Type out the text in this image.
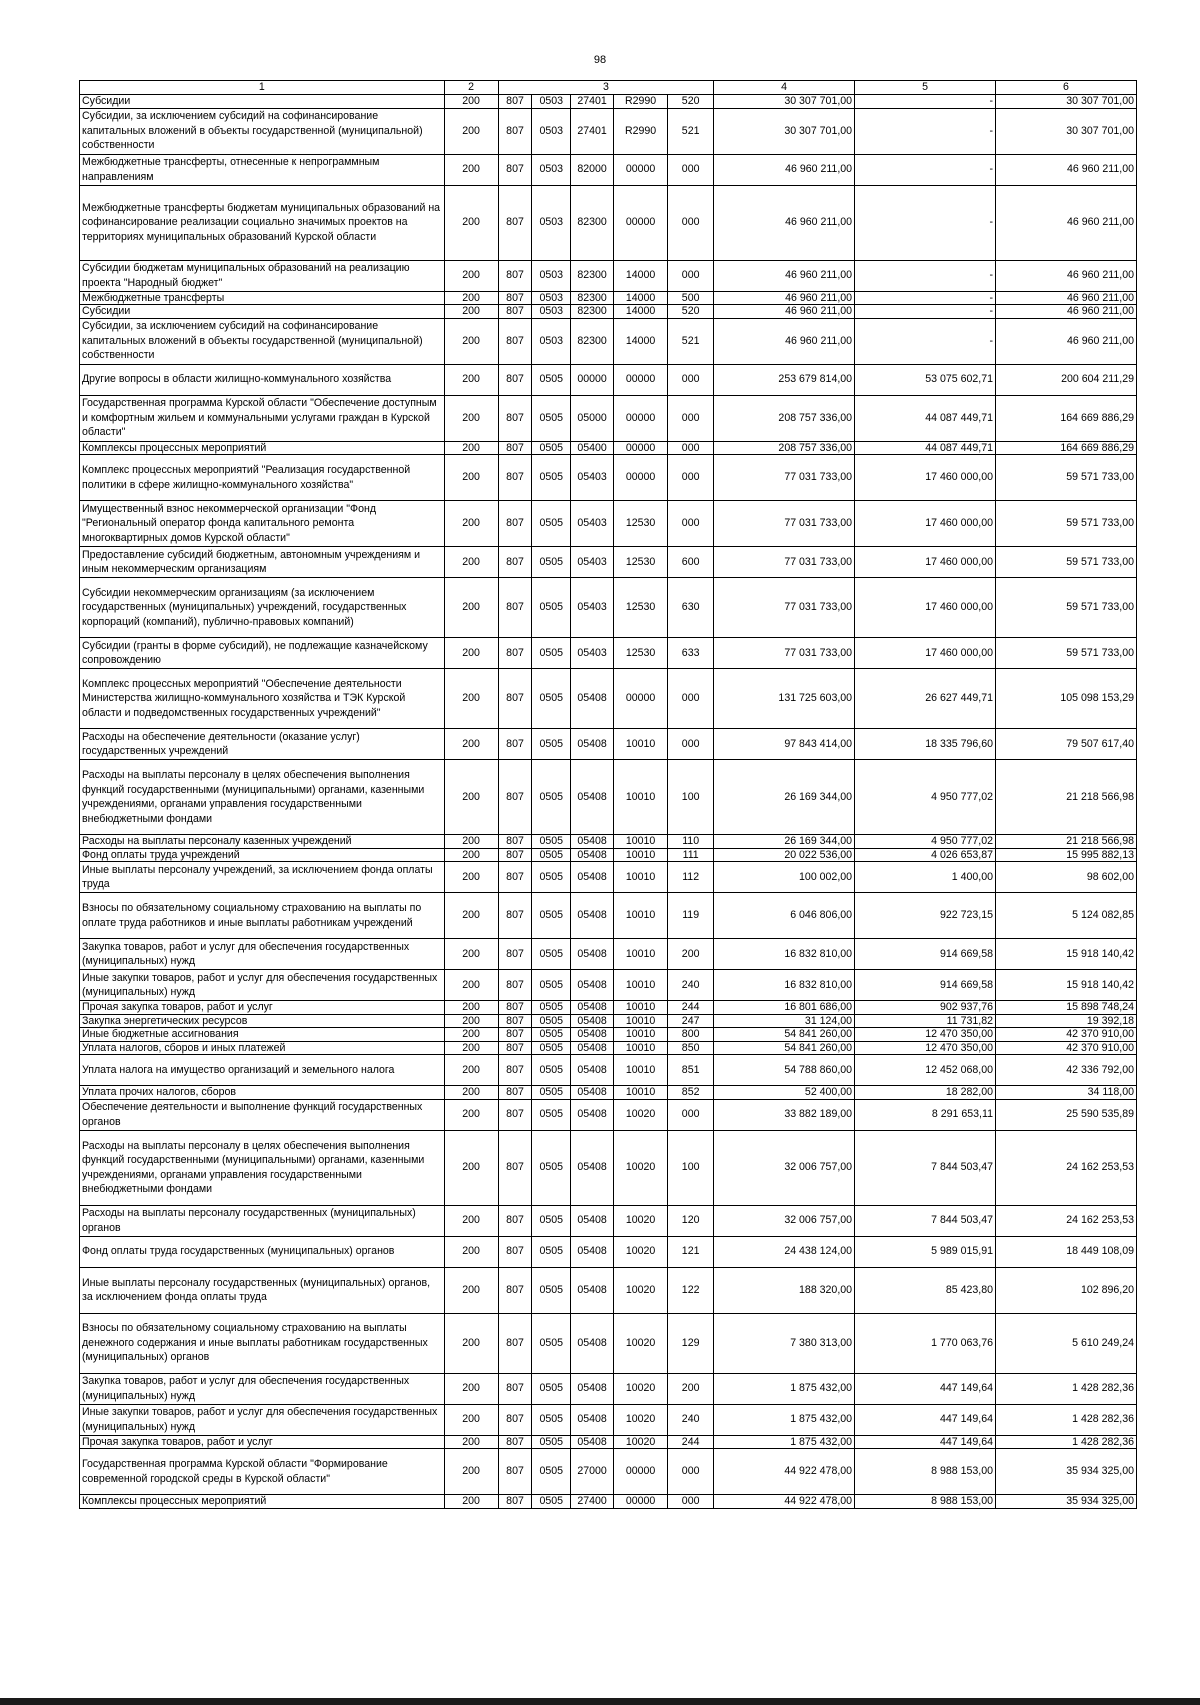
98
1	2	3					4	5	6
Субсидии	200	807	0503	27401	R2990	520	30 307 701,00	-	30 307 701,00
Субсидии, за исключением субсидий на софинансирование капитальных вложений в объекты государственной (муниципальной) собственности	200	807	0503	27401	R2990	521	30 307 701,00	-	30 307 701,00
Межбюджетные трансферты, отнесенные к непрограммным направлениям	200	807	0503	82000	00000	000	46 960 211,00	-	46 960 211,00
Межбюджетные трансферты бюджетам муниципальных образований на софинансирование реализации социально значимых проектов на территориях муниципальных образований Курской области	200	807	0503	82300	00000	000	46 960 211,00	-	46 960 211,00
Субсидии бюджетам муниципальных образований на реализацию проекта "Народный бюджет"	200	807	0503	82300	14000	000	46 960 211,00	-	46 960 211,00
Межбюджетные трансферты	200	807	0503	82300	14000	500	46 960 211,00	-	46 960 211,00
Субсидии	200	807	0503	82300	14000	520	46 960 211,00	-	46 960 211,00
Субсидии, за исключением субсидий на софинансирование капитальных вложений в объекты государственной (муниципальной) собственности	200	807	0503	82300	14000	521	46 960 211,00	-	46 960 211,00
Другие вопросы в области жилищно-коммунального хозяйства	200	807	0505	00000	00000	000	253 679 814,00	53 075 602,71	200 604 211,29
Государственная программа Курской области "Обеспечение доступным и комфортным жильем и коммунальными услугами граждан в Курской области"	200	807	0505	05000	00000	000	208 757 336,00	44 087 449,71	164 669 886,29
Комплексы процессных мероприятий	200	807	0505	05400	00000	000	208 757 336,00	44 087 449,71	164 669 886,29
Комплекс процессных мероприятий "Реализация государственной политики в сфере жилищно-коммунального хозяйства"	200	807	0505	05403	00000	000	77 031 733,00	17 460 000,00	59 571 733,00
Имущественный взнос некоммерческой организации "Фонд "Региональный оператор фонда капитального ремонта многоквартирных домов Курской области"	200	807	0505	05403	12530	000	77 031 733,00	17 460 000,00	59 571 733,00
Предоставление субсидий бюджетным, автономным учреждениям и иным некоммерческим организациям	200	807	0505	05403	12530	600	77 031 733,00	17 460 000,00	59 571 733,00
Субсидии некоммерческим организациям (за исключением государственных (муниципальных) учреждений, государственных корпораций (компаний), публично-правовых компаний)	200	807	0505	05403	12530	630	77 031 733,00	17 460 000,00	59 571 733,00
Субсидии (гранты в форме субсидий), не подлежащие казначейскому сопровождению	200	807	0505	05403	12530	633	77 031 733,00	17 460 000,00	59 571 733,00
Комплекс процессных мероприятий "Обеспечение деятельности Министерства жилищно-коммунального хозяйства и ТЭК Курской области и подведомственных государственных учреждений"	200	807	0505	05408	00000	000	131 725 603,00	26 627 449,71	105 098 153,29
Расходы на обеспечение деятельности (оказание услуг) государственных учреждений	200	807	0505	05408	10010	000	97 843 414,00	18 335 796,60	79 507 617,40
Расходы на выплаты персоналу в целях обеспечения выполнения функций государственными (муниципальными) органами, казенными учреждениями, органами управления государственными внебюджетными фондами	200	807	0505	05408	10010	100	26 169 344,00	4 950 777,02	21 218 566,98
Расходы на выплаты персоналу казенных учреждений	200	807	0505	05408	10010	110	26 169 344,00	4 950 777,02	21 218 566,98
Фонд оплаты труда учреждений	200	807	0505	05408	10010	111	20 022 536,00	4 026 653,87	15 995 882,13
Иные выплаты персоналу учреждений, за исключением фонда оплаты труда	200	807	0505	05408	10010	112	100 002,00	1 400,00	98 602,00
Взносы по обязательному социальному страхованию на выплаты по оплате труда работников и иные выплаты работникам учреждений	200	807	0505	05408	10010	119	6 046 806,00	922 723,15	5 124 082,85
Закупка товаров, работ и услуг для обеспечения государственных (муниципальных) нужд	200	807	0505	05408	10010	200	16 832 810,00	914 669,58	15 918 140,42
Иные закупки товаров, работ и услуг для обеспечения государственных (муниципальных) нужд	200	807	0505	05408	10010	240	16 832 810,00	914 669,58	15 918 140,42
Прочая закупка товаров, работ и услуг	200	807	0505	05408	10010	244	16 801 686,00	902 937,76	15 898 748,24
Закупка энергетических ресурсов	200	807	0505	05408	10010	247	31 124,00	11 731,82	19 392,18
Иные бюджетные ассигнования	200	807	0505	05408	10010	800	54 841 260,00	12 470 350,00	42 370 910,00
Уплата налогов, сборов и иных платежей	200	807	0505	05408	10010	850	54 841 260,00	12 470 350,00	42 370 910,00
Уплата налога на имущество организаций и земельного налога	200	807	0505	05408	10010	851	54 788 860,00	12 452 068,00	42 336 792,00
Уплата прочих налогов, сборов	200	807	0505	05408	10010	852	52 400,00	18 282,00	34 118,00
Обеспечение деятельности и выполнение функций государственных органов	200	807	0505	05408	10020	000	33 882 189,00	8 291 653,11	25 590 535,89
Расходы на выплаты персоналу в целях обеспечения выполнения функций государственными (муниципальными) органами, казенными учреждениями, органами управления государственными внебюджетными фондами	200	807	0505	05408	10020	100	32 006 757,00	7 844 503,47	24 162 253,53
Расходы на выплаты персоналу государственных (муниципальных) органов	200	807	0505	05408	10020	120	32 006 757,00	7 844 503,47	24 162 253,53
Фонд оплаты труда государственных (муниципальных) органов	200	807	0505	05408	10020	121	24 438 124,00	5 989 015,91	18 449 108,09
Иные выплаты персоналу государственных (муниципальных) органов, за исключением фонда оплаты труда	200	807	0505	05408	10020	122	188 320,00	85 423,80	102 896,20
Взносы по обязательному социальному страхованию на выплаты денежного содержания и иные выплаты работникам государственных (муниципальных) органов	200	807	0505	05408	10020	129	7 380 313,00	1 770 063,76	5 610 249,24
Закупка товаров, работ и услуг для обеспечения государственных (муниципальных) нужд	200	807	0505	05408	10020	200	1 875 432,00	447 149,64	1 428 282,36
Иные закупки товаров, работ и услуг для обеспечения государственных (муниципальных) нужд	200	807	0505	05408	10020	240	1 875 432,00	447 149,64	1 428 282,36
Прочая закупка товаров, работ и услуг	200	807	0505	05408	10020	244	1 875 432,00	447 149,64	1 428 282,36
Государственная программа Курской области "Формирование современной городской среды в Курской области"	200	807	0505	27000	00000	000	44 922 478,00	8 988 153,00	35 934 325,00
Комплексы процессных мероприятий	200	807	0505	27400	00000	000	44 922 478,00	8 988 153,00	35 934 325,00
